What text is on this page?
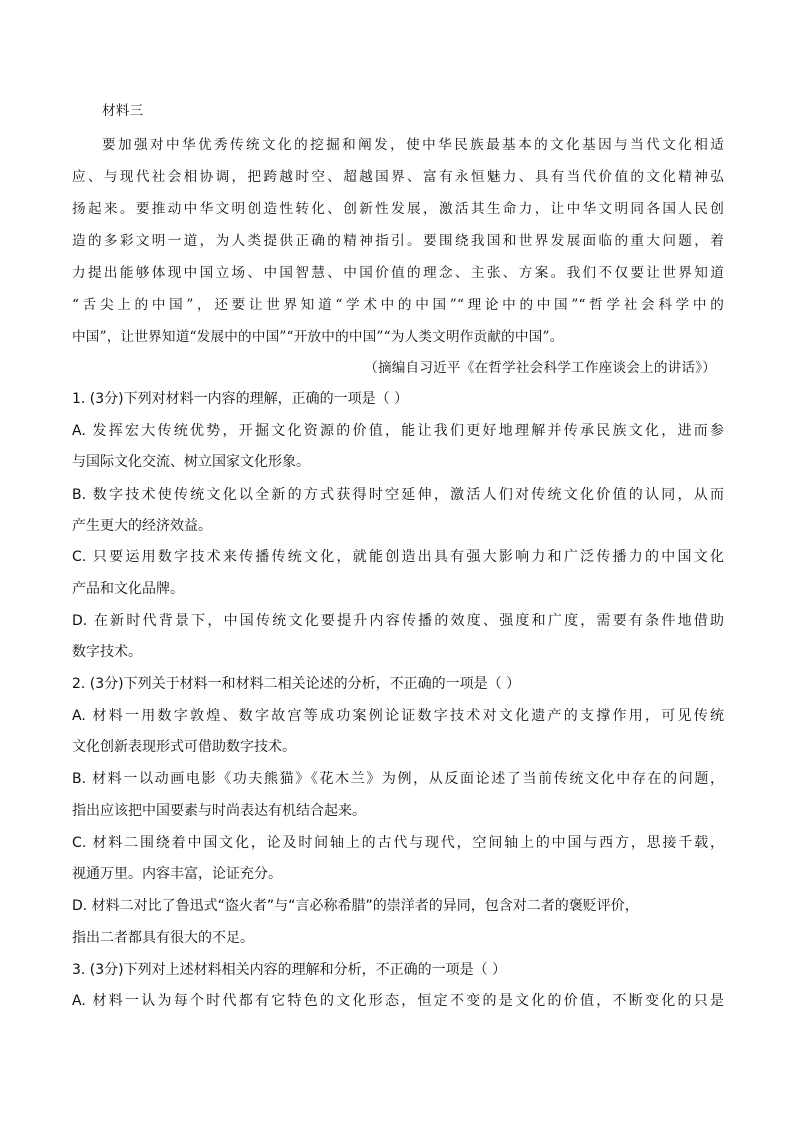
材料三
要加强对中华优秀传统文化的挖掘和阐发，使中华民族最基本的文化基因与当代文化相适
应、与现代社会相协调，把跨越时空、超越国界、富有永恒魅力、具有当代价值的文化精神弘
扬起来。要推动中华文明创造性转化、创新性发展，激活其生命力，让中华文明同各国人民创
造的多彩文明一道，为人类提供正确的精神指引。要围绕我国和世界发展面临的重大问题，着
力提出能够体现中国立场、中国智慧、中国价值的理念、主张、方案。我们不仅要让世界知道
“舌尖上的中国”，还要让世界知道“学术中的中国”“理论中的中国”“哲学社会科学中的
中国”，让世界知道“发展中的中国”“开放中的中国”“为人类文明作贡献的中国”。
（摘编自习近平《在哲学社会科学工作座谈会上的讲话》）
1. (3分)下列对材料一内容的理解，正确的一项是（ ）
A. 发挥宏大传统优势，开掘文化资源的价值，能让我们更好地理解并传承民族文化，进而参
与国际文化交流、树立国家文化形象。
B. 数字技术使传统文化以全新的方式获得时空延伸，激活人们对传统文化价值的认同，从而
产生更大的经济效益。
C. 只要运用数字技术来传播传统文化，就能创造出具有强大影响力和广泛传播力的中国文化
产品和文化品牌。
D. 在新时代背景下，中国传统文化要提升内容传播的效度、强度和广度，需要有条件地借助
数字技术。
2. (3分)下列关于材料一和材料二相关论述的分析，不正确的一项是（ ）
A. 材料一用数字敦煌、数字故宫等成功案例论证数字技术对文化遗产的支撑作用，可见传统
文化创新表现形式可借助数字技术。
B. 材料一以动画电影《功夫熊猫》《花木兰》为例，从反面论述了当前传统文化中存在的问题，
指出应该把中国要素与时尚表达有机结合起来。
C. 材料二围绕着中国文化，论及时间轴上的古代与现代，空间轴上的中国与西方，思接千载，
视通万里。内容丰富，论证充分。
D. 材料二对比了鲁迅式“盗火者”与“言必称希腊”的崇洋者的异同，包含对二者的褒贬评价，
指出二者都具有很大的不足。
3. (3分)下列对上述材料相关内容的理解和分析，不正确的一项是（ ）
A. 材料一认为每个时代都有它特色的文化形态，恒定不变的是文化的价值，不断变化的只是
